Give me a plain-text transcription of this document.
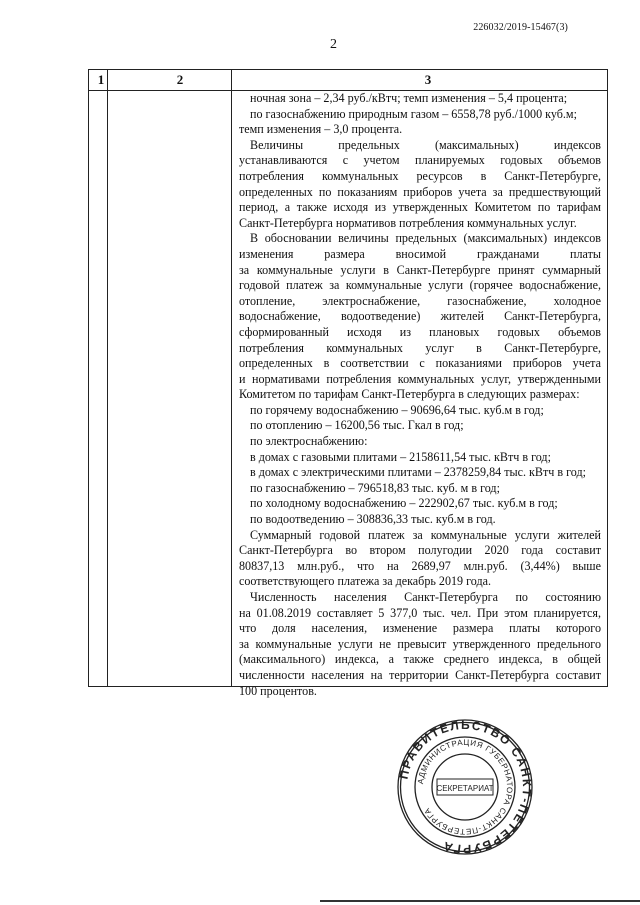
226032/2019-15467(3)
2
1	2	3
ночная зона – 2,34 руб./кВтч; темп изменения – 5,4 процента;
по газоснабжению природным газом – 6558,78 руб./1000 куб.м;
темп изменения – 3,0 процента.
Величины предельных (максимальных) индексов
устанавливаются с учетом планируемых годовых объемов
потребления коммунальных ресурсов в Санкт-Петербурге,
определенных по показаниям приборов учета за предшествующий
период, а также исходя из утвержденных Комитетом по тарифам
Санкт-Петербурга нормативов потребления коммунальных услуг.
В обосновании величины предельных (максимальных) индексов
изменения размера вносимой гражданами платы
за коммунальные услуги в Санкт-Петербурге принят суммарный
годовой платеж за коммунальные услуги (горячее водоснабжение,
отопление, электроснабжение, газоснабжение, холодное
водоснабжение, водоотведение) жителей Санкт-Петербурга,
сформированный исходя из плановых годовых объемов
потребления коммунальных услуг в Санкт-Петербурге,
определенных в соответствии с показаниями приборов учета
и нормативами потребления коммунальных услуг, утвержденными
Комитетом по тарифам Санкт-Петербурга в следующих размерах:
по горячему водоснабжению – 90696,64 тыс. куб.м в год;
по отоплению – 16200,56 тыс. Гкал в год;
по электроснабжению:
в домах с газовыми плитами – 2158611,54 тыс. кВтч в год;
в домах с электрическими плитами – 2378259,84 тыс. кВтч в год;
по газоснабжению – 796518,83 тыс. куб. м в год;
по холодному водоснабжению – 222902,67 тыс. куб.м в год;
по водоотведению – 308836,33 тыс. куб.м в год.
Суммарный годовой платеж за коммунальные услуги жителей
Санкт-Петербурга во втором полугодии 2020 года составит
80837,13 млн.руб., что на 2689,97 млн.руб. (3,44%) выше
соответствующего платежа за декабрь 2019 года.
Численность населения Санкт-Петербурга по состоянию
на 01.08.2019 составляет 5 377,0 тыс. чел. При этом планируется,
что доля населения, изменение размера платы которого
за коммунальные услуги не превысит утвержденного предельного
(максимального) индекса, а также среднего индекса, в общей
численности населения на территории Санкт-Петербурга составит
100 процентов.
ПРАВИТЕЛЬСТВО САНКТ-ПЕТЕРБУРГА
АДМИНИСТРАЦИЯ ГУБЕРНАТОРА САНКТ-ПЕТЕРБУРГА
СЕКРЕТАРИАТ
